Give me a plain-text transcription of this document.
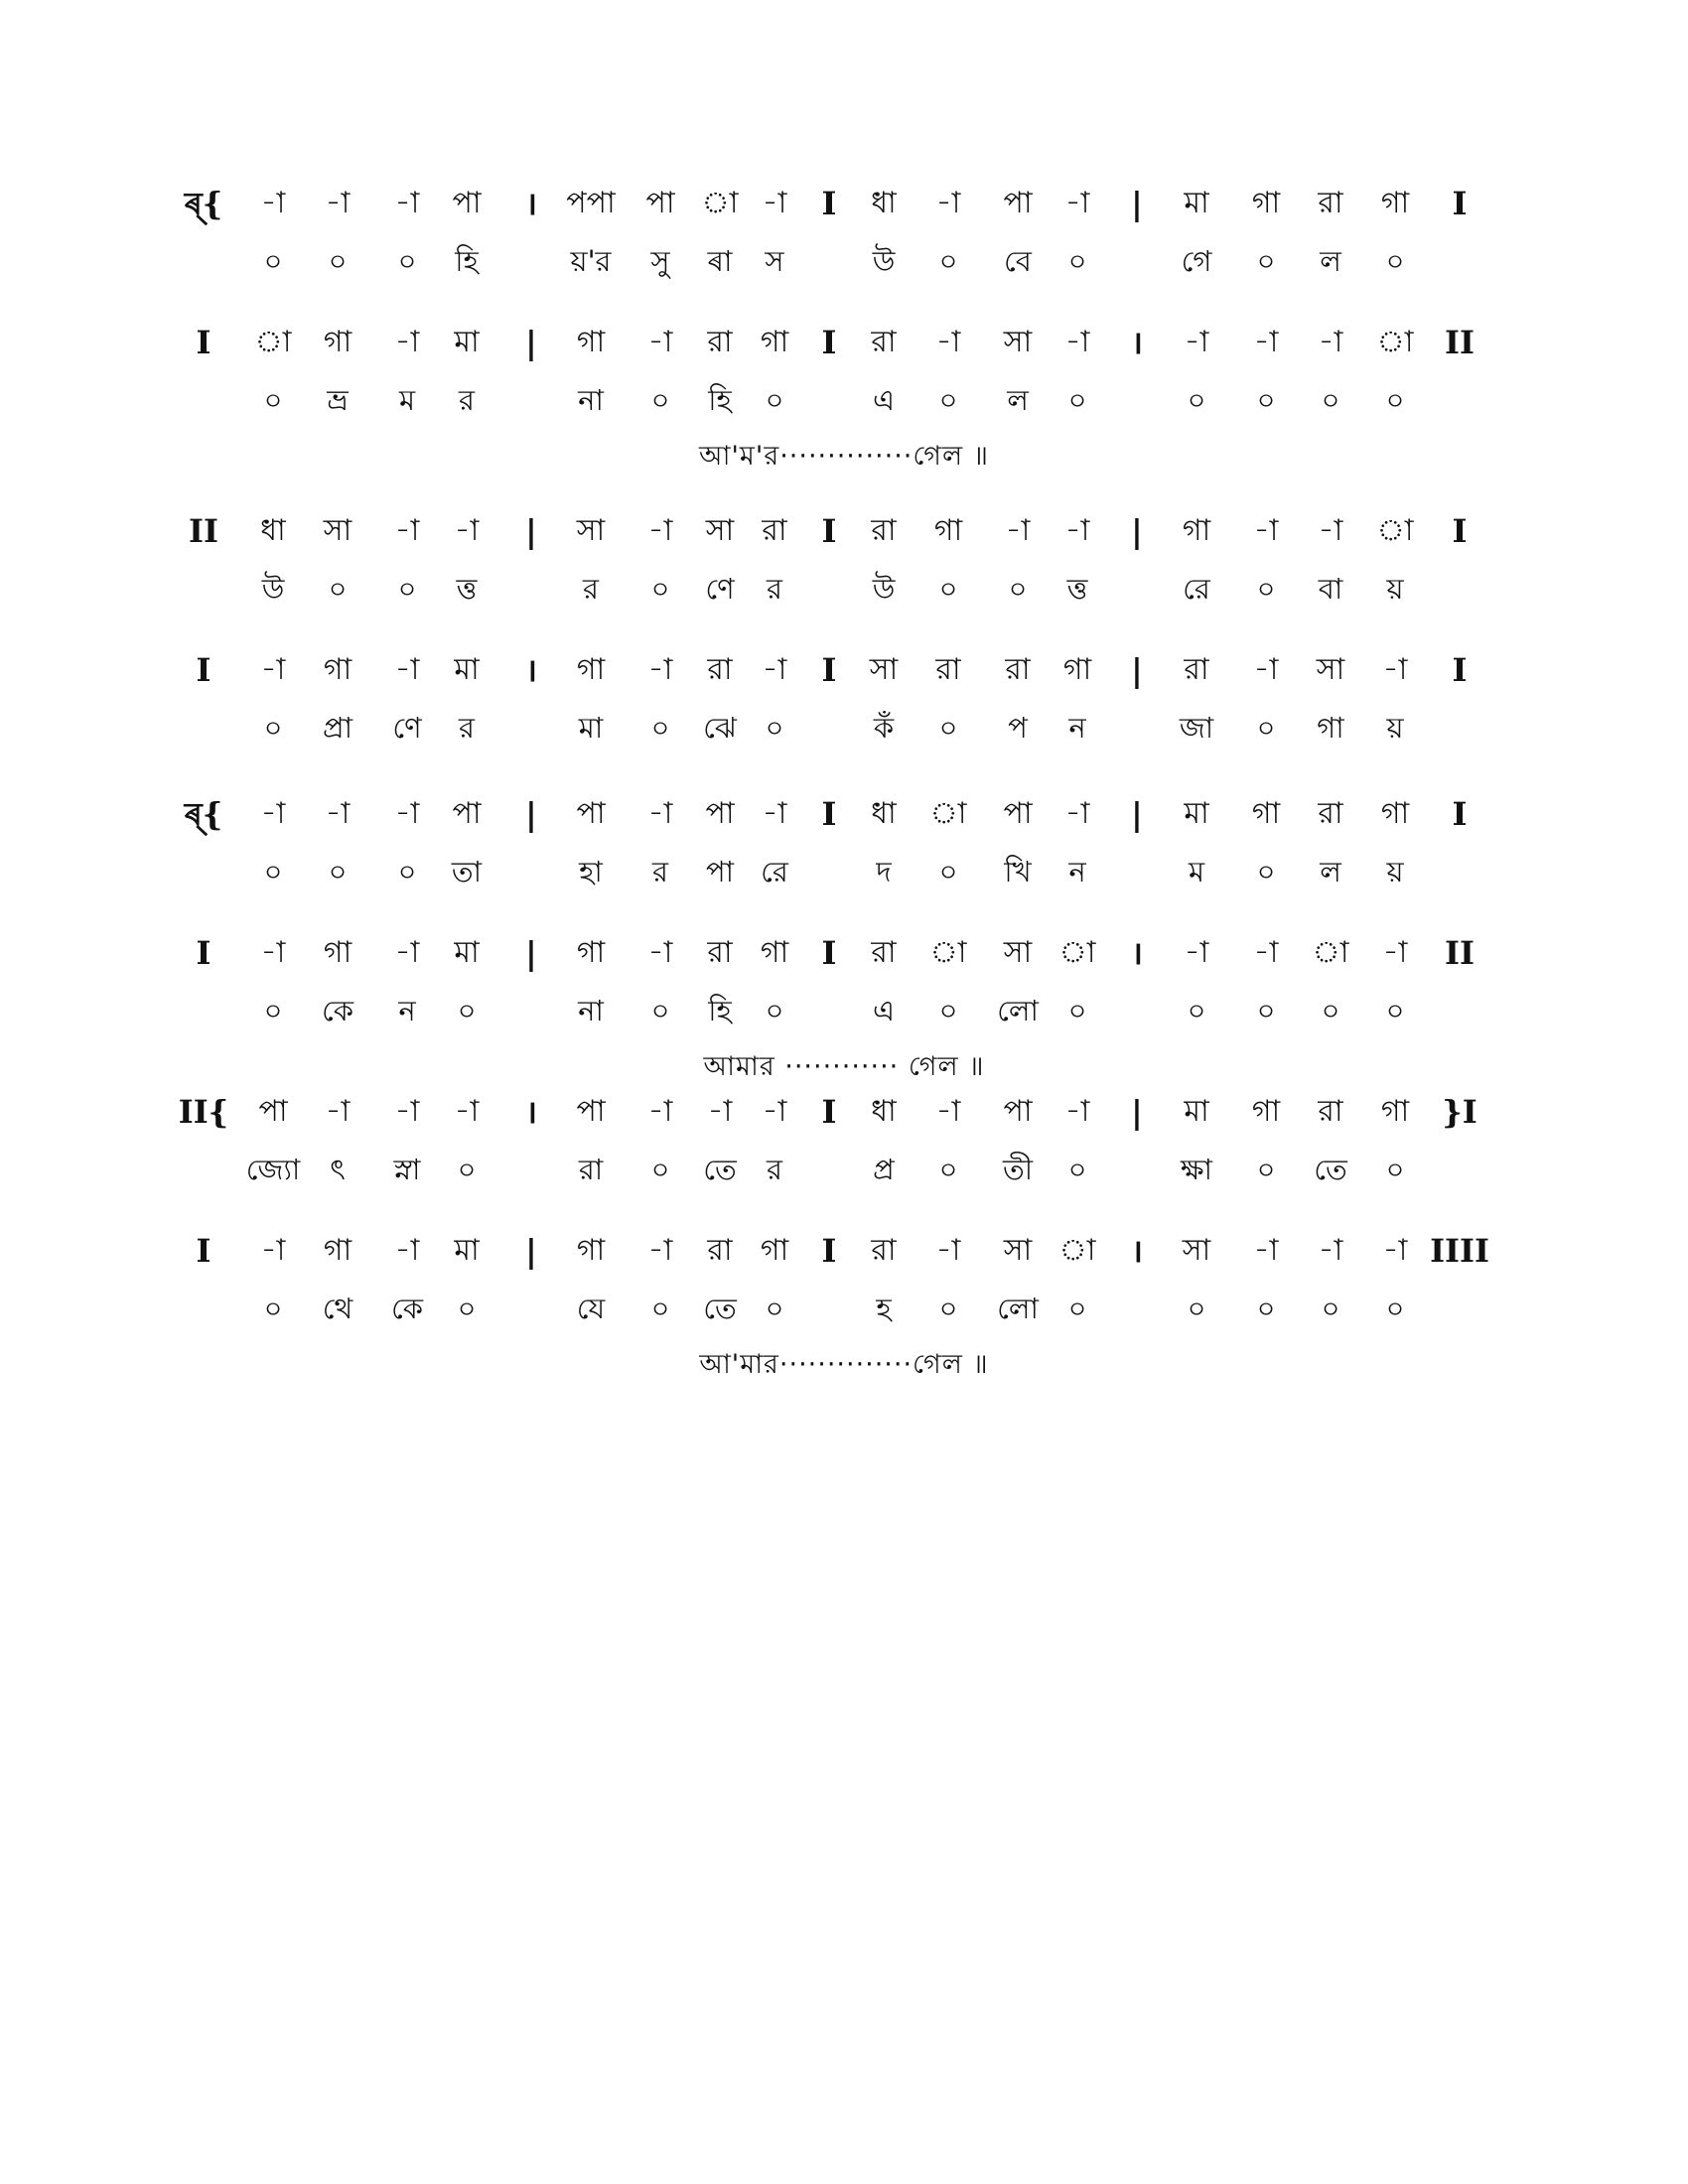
ৰ্{ -া -া -া পা । পপা পা া -া I ধা -া পা -া | মা গা রা গা I
০ ০ ০ হি	য়'র সু ৰা স	উ ০ বে ০	গে ০ ল ০
I া গা -া মা | গা -া রা গা I রা -া সা -া । -া -া -া া II
০ ভ্র ম র	না ০ হি ০	এ ০ ল ০	০ ০ ০ ০
আ'ম'র··············গেল ॥
II ধা সা -া -া | সা -া সা রা I রা গা -া -া | গা -া -া া I
উ ০ ০ ত্ত	র ০ ণে র	উ ০ ০ ত্ত	রে ০ বা য়
I -া গা -া মা । গা -া রা -া I সা রা রা গা | রা -া সা -া I
০ প্রা ণে র	মা ০ ঝে ০	কঁ ০ প ন	জা ০ গা য়
ৰ্{ -া -া -া পা | পা -া পা -া I ধা া পা -া | মা গা রা গা I
০ ০ ০ তা	হা র পা রে	দ ০ খি ন	ম ০ ল য়
I -া গা -া মা | গা -া রা গা I রা া সা া । -া -া া -া II
০ কে ন ০	না ০ হি ০	এ ০ লো ০	০ ০ ০ ০
আমার ············ গেল ॥
II{ পা -া -া -া । পা -া -া -া I ধা -া পা -া | মা গা রা গা }I
জ্যো ৎ স্না ০	রা ০ তে র	প্র ০ তী ০	ক্ষা ০ তে ০
I -া গা -া মা | গা -া রা গা I রা -া সা া । সা -া -া -া IIII
০ থে কে ০	যে ০ তে ০	হ ০ লো ০	০ ০ ০ ০
আ'মার··············গেল ॥
